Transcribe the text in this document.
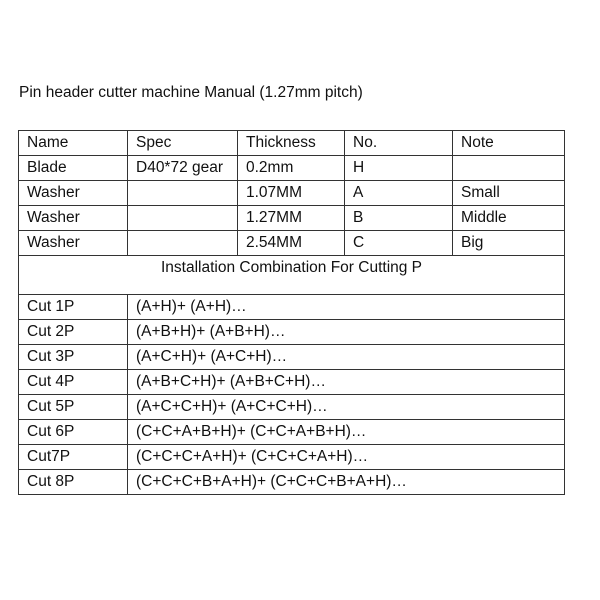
Pin header cutter machine Manual (1.27mm pitch)
Name	Spec	Thickness	No.	Note
Blade	D40*72 gear	0.2mm	H	
Washer		1.07MM	A	Small
Washer		1.27MM	B	Middle
Washer		2.54MM	C	Big
Installation Combination For Cutting P				

Cut 1P	(A+H)+ (A+H)…			
Cut 2P	(A+B+H)+ (A+B+H)…			
Cut 3P	(A+C+H)+ (A+C+H)…			
Cut 4P	(A+B+C+H)+ (A+B+C+H)…			
Cut 5P	(A+C+C+H)+ (A+C+C+H)…			
Cut 6P	(C+C+A+B+H)+ (C+C+A+B+H)…			
Cut7P	(C+C+C+A+H)+ (C+C+C+A+H)…			
Cut 8P	(C+C+C+B+A+H)+ (C+C+C+B+A+H)…			
